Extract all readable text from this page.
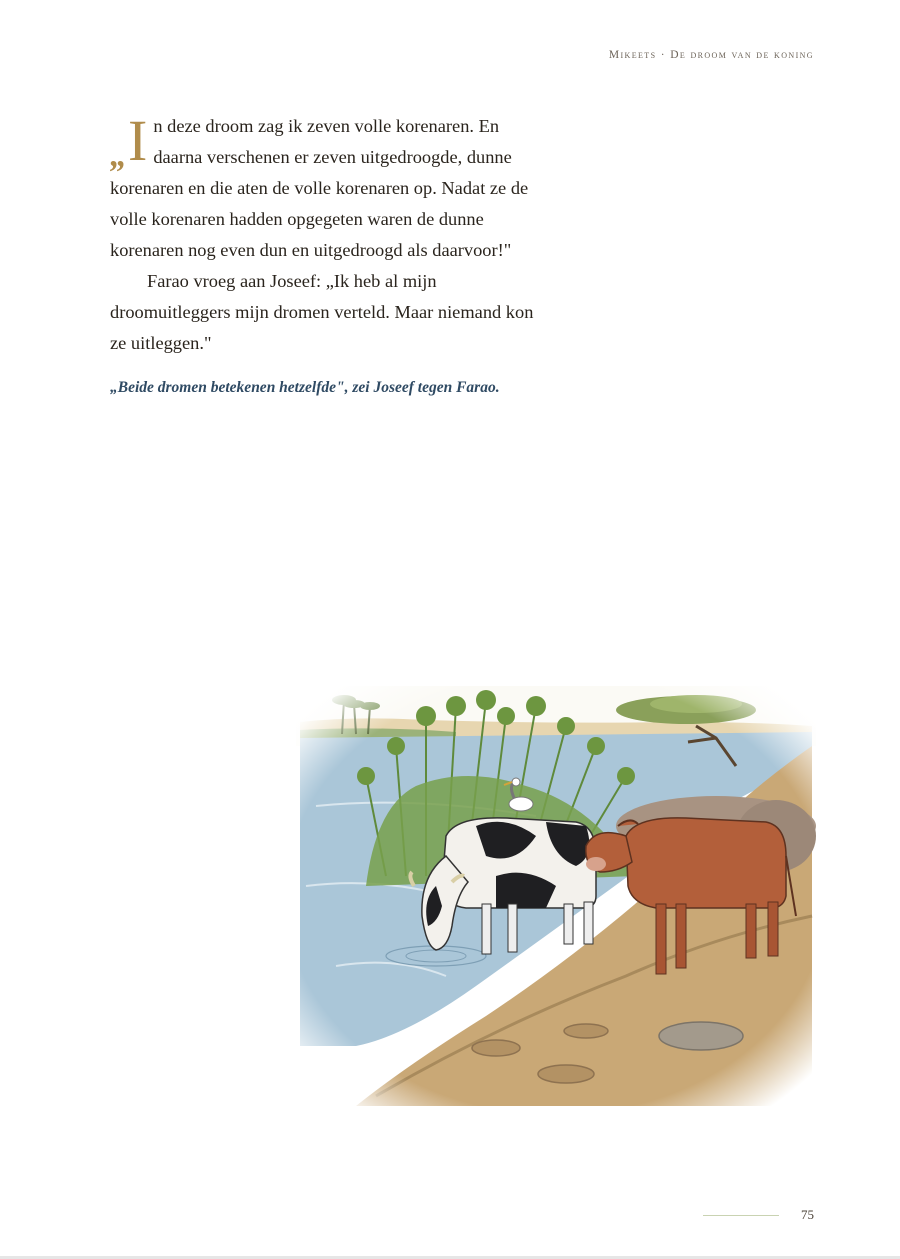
Mikeets · De droom van de koning

„ I n deze droom zag ik zeven volle korenaren. En daarna verschenen er zeven uitgedroogde, dunne korenaren en die aten de volle korenaren op. Nadat ze de volle korenaren hadden opgegeten waren de dunne korenaren nog even dun en uitgedroogd als daarvoor!"

Farao vroeg aan Joseef: „Ik heb al mijn droomuitleggers mijn dromen verteld. Maar niemand kon ze uitleggen."

„Beide dromen betekenen hetzelfde", zei Joseef tegen Farao.
75
